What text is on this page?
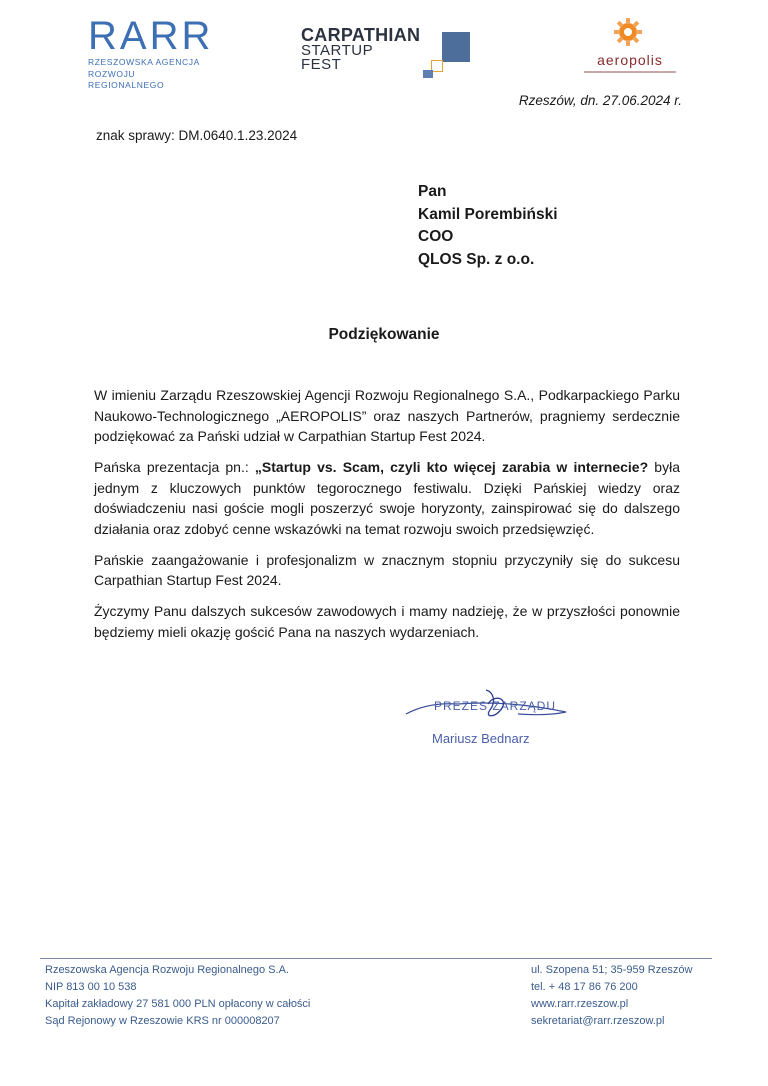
RARR
RZESZOWSKA AGENCJA
ROZWOJU REGIONALNEGO
CARPATHIAN
STARTUP
FEST	aeropolis
Rzeszów, dn. 27.06.2024 r.
znak sprawy: DM.0640.1.23.2024
Pan
Kamil Porembiński
COO
QLOS Sp. z o.o.
Podziękowanie

W imieniu Zarządu Rzeszowskiej Agencji Rozwoju Regionalnego S.A., Podkarpackiego Parku Naukowo-Technologicznego „AEROPOLIS” oraz naszych Partnerów, pragniemy serdecznie podziękować za Pański udział w Carpathian Startup Fest 2024.

Pańska prezentacja pn.: „Startup vs. Scam, czyli kto więcej zarabia w internecie? była jednym z kluczowych punktów tegorocznego festiwalu. Dzięki Pańskiej wiedzy oraz doświadczeniu nasi goście mogli poszerzyć swoje horyzonty, zainspirować się do dalszego działania oraz zdobyć cenne wskazówki na temat rozwoju swoich przedsięwzięć.

Pańskie zaangażowanie i profesjonalizm w znacznym stopniu przyczyniły się do sukcesu Carpathian Startup Fest 2024.

Życzymy Panu dalszych sukcesów zawodowych i mamy nadzieję, że w przyszłości ponownie będziemy mieli okazję gościć Pana na naszych wydarzeniach.

PREZES ZARZĄDU
Mariusz Bednarz
Rzeszowska Agencja Rozwoju Regionalnego S.A.
NIP 813 00 10 538
Kapitał zakładowy 27 581 000 PLN opłacony w całości
Sąd Rejonowy w Rzeszowie KRS nr 000008207
ul. Szopena 51; 35-959 Rzeszów
tel. + 48 17 86 76 200
www.rarr.rzeszow.pl
sekretariat@rarr.rzeszow.pl
